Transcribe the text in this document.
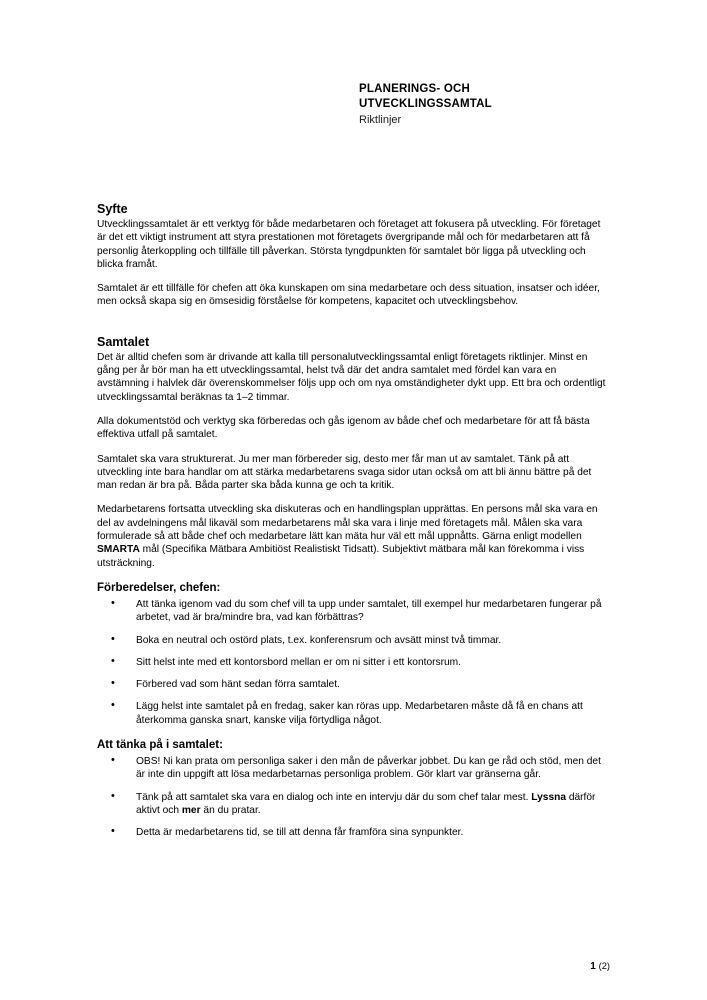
PLANERINGS- OCH
UTVECKLINGSSAMTAL
Riktlinjer
Syfte

Utvecklingssamtalet är ett verktyg för både medarbetaren och företaget att fokusera på utveckling. För företaget är det ett viktigt instrument att styra prestationen mot företagets övergripande mål och för medarbetaren att få personlig återkoppling och tillfälle till påverkan. Största tyngdpunkten för samtalet bör ligga på utveckling och blicka framåt.

Samtalet är ett tillfälle för chefen att öka kunskapen om sina medarbetare och dess situation, insatser och idéer, men också skapa sig en ömsesidig förståelse för kompetens, kapacitet och utvecklingsbehov.

Samtalet

Det är alltid chefen som är drivande att kalla till personalutvecklingssamtal enligt företagets riktlinjer. Minst en gång per år bör man ha ett utvecklingssamtal, helst två där det andra samtalet med fördel kan vara en avstämning i halvlek där överenskommelser följs upp och om nya omständigheter dykt upp. Ett bra och ordentligt utvecklingssamtal beräknas ta 1–2 timmar.

Alla dokumentstöd och verktyg ska förberedas och gås igenom av både chef och medarbetare för att få bästa effektiva utfall på samtalet.

Samtalet ska vara strukturerat. Ju mer man förbereder sig, desto mer får man ut av samtalet. Tänk på att utveckling inte bara handlar om att stärka medarbetarens svaga sidor utan också om att bli ännu bättre på det man redan är bra på. Båda parter ska båda kunna ge och ta kritik.

Medarbetarens fortsatta utveckling ska diskuteras och en handlingsplan upprättas. En persons mål ska vara en del av avdelningens mål likaväl som medarbetarens mål ska vara i linje med företagets mål. Målen ska vara formulerade så att både chef och medarbetare lätt kan mäta hur väl ett mål uppnåtts. Gärna enligt modellen SMARTA mål (Specifika Mätbara Ambitiöst Realistiskt Tidsatt). Subjektivt mätbara mål kan förekomma i viss utsträckning.

Förberedelser, chefen:
• Att tänka igenom vad du som chef vill ta upp under samtalet, till exempel hur medarbetaren fungerar på arbetet, vad är bra/mindre bra, vad kan förbättras?
• Boka en neutral och ostörd plats, t.ex. konferensrum och avsätt minst två timmar.
• Sitt helst inte med ett kontorsbord mellan er om ni sitter i ett kontorsrum.
• Förbered vad som hänt sedan förra samtalet.
• Lägg helst inte samtalet på en fredag, saker kan röras upp. Medarbetaren måste då få en chans att återkomma ganska snart, kanske vilja förtydliga något.
Att tänka på i samtalet:
• OBS! Ni kan prata om personliga saker i den mån de påverkar jobbet. Du kan ge råd och stöd, men det är inte din uppgift att lösa medarbetarnas personliga problem. Gör klart var gränserna går.
• Tänk på att samtalet ska vara en dialog och inte en intervju där du som chef talar mest. Lyssna därför aktivt och mer än du pratar.
• Detta är medarbetarens tid, se till att denna får framföra sina synpunkter.
1 (2)
